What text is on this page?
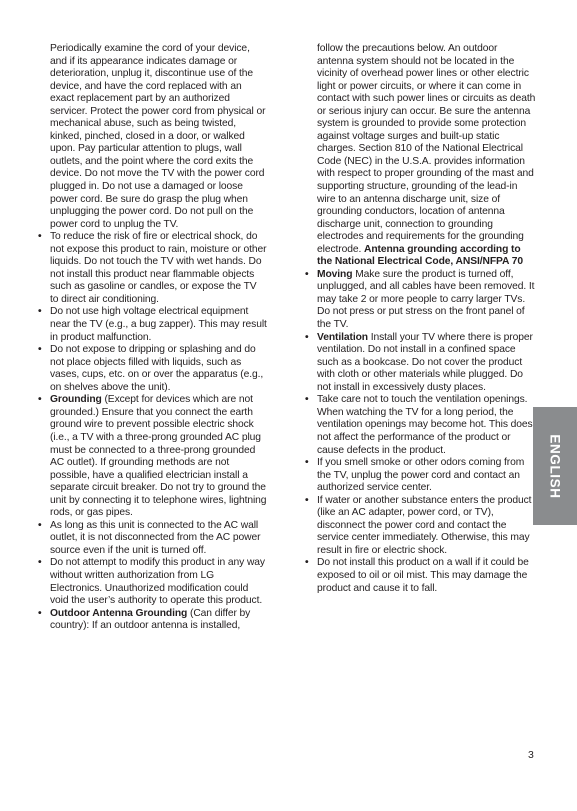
Periodically examine the cord of your device, and if its appearance indicates damage or deterioration, unplug it, discontinue use of the device, and have the cord replaced with an exact replacement part by an authorized servicer. Protect the power cord from physical or mechanical abuse, such as being twisted, kinked, pinched, closed in a door, or walked upon. Pay particular attention to plugs, wall outlets, and the point where the cord exits the device. Do not move the TV with the power cord plugged in. Do not use a damaged or loose power cord. Be sure do grasp the plug when unplugging the power cord. Do not pull on the power cord to unplug the TV.

• To reduce the risk of fire or electrical shock, do not expose this product to rain, moisture or other liquids. Do not touch the TV with wet hands. Do not install this product near flammable objects such as gasoline or candles, or expose the TV to direct air conditioning.
• Do not use high voltage electrical equipment near the TV (e.g., a bug zapper). This may result in product malfunction.
• Do not expose to dripping or splashing and do not place objects filled with liquids, such as vases, cups, etc. on or over the apparatus (e.g., on shelves above the unit).
• Grounding (Except for devices which are not grounded.) Ensure that you connect the earth ground wire to prevent possible electric shock (i.e., a TV with a three-prong grounded AC plug must be connected to a three-prong grounded AC outlet). If grounding methods are not possible, have a qualified electrician install a separate circuit breaker. Do not try to ground the unit by connecting it to telephone wires, lightning rods, or gas pipes.
• As long as this unit is connected to the AC wall outlet, it is not disconnected from the AC power source even if the unit is turned off.
• Do not attempt to modify this product in any way without written authorization from LG Electronics. Unauthorized modification could void the user’s authority to operate this product.
• Outdoor Antenna Grounding (Can differ by country): If an outdoor antenna is installed,

follow the precautions below. An outdoor antenna system should not be located in the vicinity of overhead power lines or other electric light or power circuits, or where it can come in contact with such power lines or circuits as death or serious injury can occur. Be sure the antenna system is grounded to provide some protection against voltage surges and built-up static charges. Section 810 of the National Electrical Code (NEC) in the U.S.A. provides information with respect to proper grounding of the mast and supporting structure, grounding of the lead-in wire to an antenna discharge unit, size of grounding conductors, location of antenna discharge unit, connection to grounding electrodes and requirements for the grounding electrode. Antenna grounding according to the National Electrical Code, ANSI/NFPA 70

• Moving Make sure the product is turned off, unplugged, and all cables have been removed. It may take 2 or more people to carry larger TVs. Do not press or put stress on the front panel of the TV.
• Ventilation Install your TV where there is proper ventilation. Do not install in a confined space such as a bookcase. Do not cover the product with cloth or other materials while plugged. Do not install in excessively dusty places.
• Take care not to touch the ventilation openings. When watching the TV for a long period, the ventilation openings may become hot. This does not affect the performance of the product or cause defects in the product.
• If you smell smoke or other odors coming from the TV, unplug the power cord and contact an authorized service center.
• If water or another substance enters the product (like an AC adapter, power cord, or TV), disconnect the power cord and contact the service center immediately. Otherwise, this may result in fire or electric shock.
• Do not install this product on a wall if it could be exposed to oil or oil mist. This may damage the product and cause it to fall.
ENGLISH
3
